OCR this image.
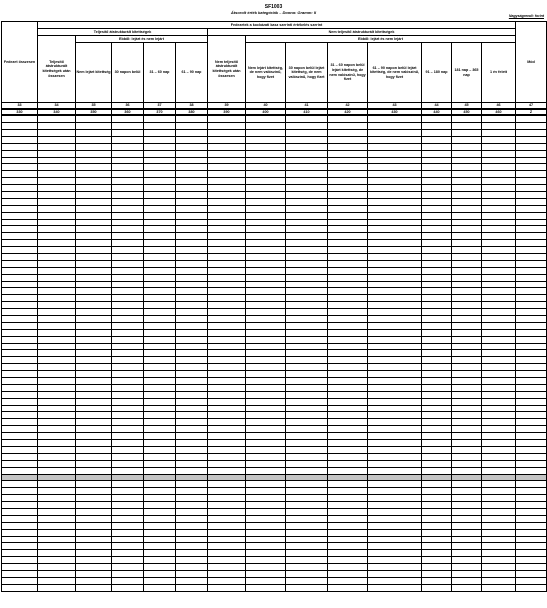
SF1003
Átsorolt érték kategóriák – Donna: Gramm: II
Nagyságrendi: forint
Fedezet összesen	Fedezetek a kockázati kasz szerinti értékelés szerint													Mód
	Teljesítő átstrukturált kitettségek					Nem teljesítő átstrukturált kitettségek								
	Teljesítő átstrukturált kitettségek után összesen	Ebből: lejárt és nem lejárt				Nem teljesítő átstrukturált kitettségek után összesen	Ebből: lejárt és nem lejárt							
		Nem lejárt kitettség	30 napon belül	31 – 60 nap	61 – 90 nap		Nem lejárt kitettség, de nem valószínű, hogy fizet	30 napon belül lejárt kitettség, de nem valószínű, hogy fizet	31 – 60 napon belül lejárt kitettség, de nem valószínű, hogy fizet	61 – 90 napon belül lejárt kitettség, de nem valószínű, hogy fizet	91 – 180 nap	181 nap – 365 nap	1 év felett	
33	34	35	36	37	38	39	40	41	42	43	44	45	46	47
330	340	350	360	370	380	390	400	410	420	430	440	450	460	Z
